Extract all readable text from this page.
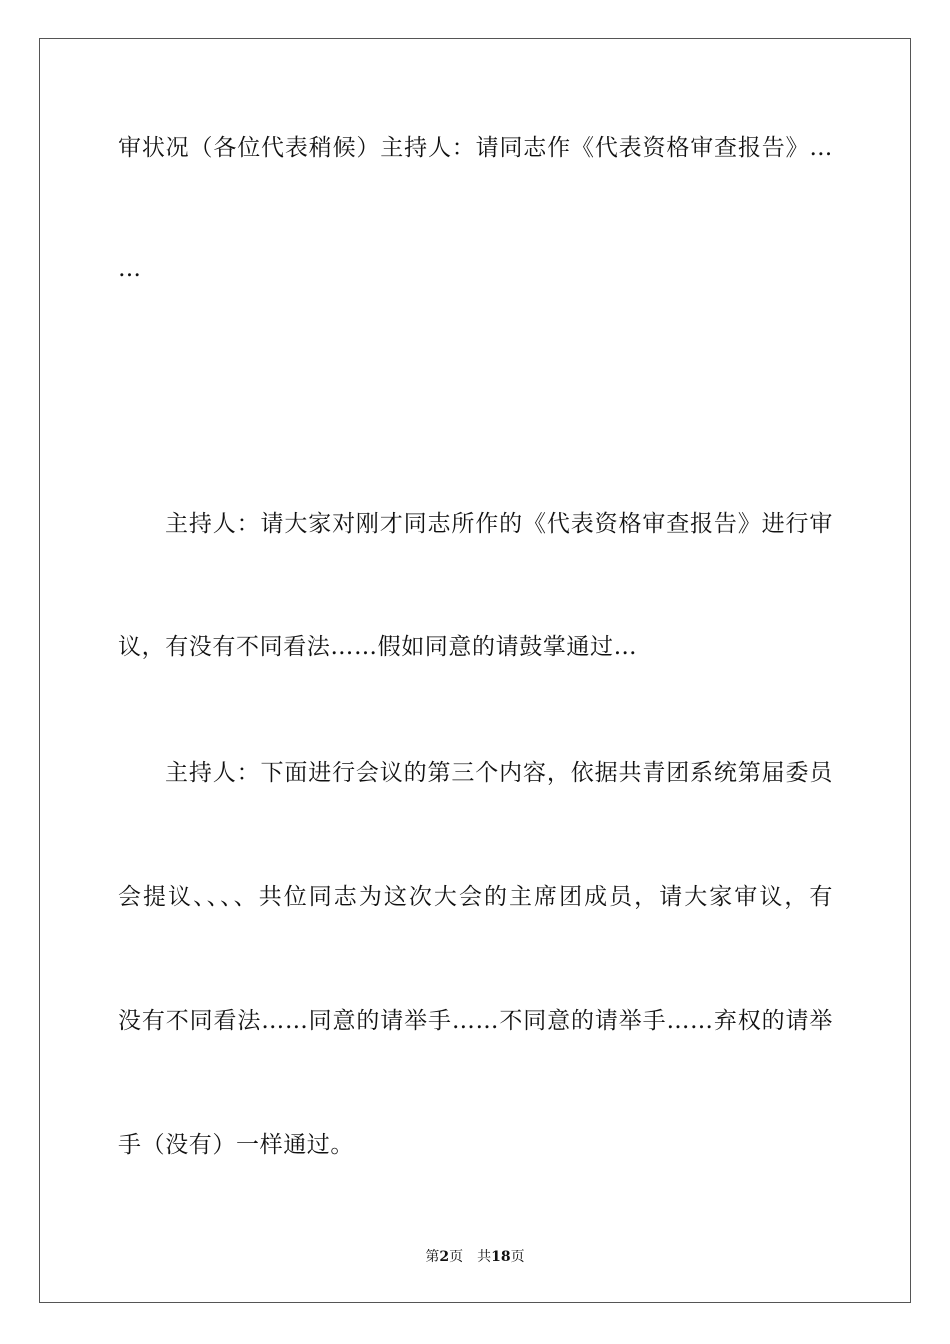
审状况（各位代表稍候）主持人：请同志作《代表资格审查报告》…
…
主持人：请大家对刚才同志所作的《代表资格审查报告》进行审
议，有没有不同看法……假如同意的请鼓掌通过…
主持人：下面进行会议的第三个内容，依据共青团系统第届委员
会提议、、、、共位同志为这次大会的主席团成员，请大家审议，有
没有不同看法……同意的请举手……不同意的请举手……弃权的请举
手（没有）一样通过。
第2页 共18页
